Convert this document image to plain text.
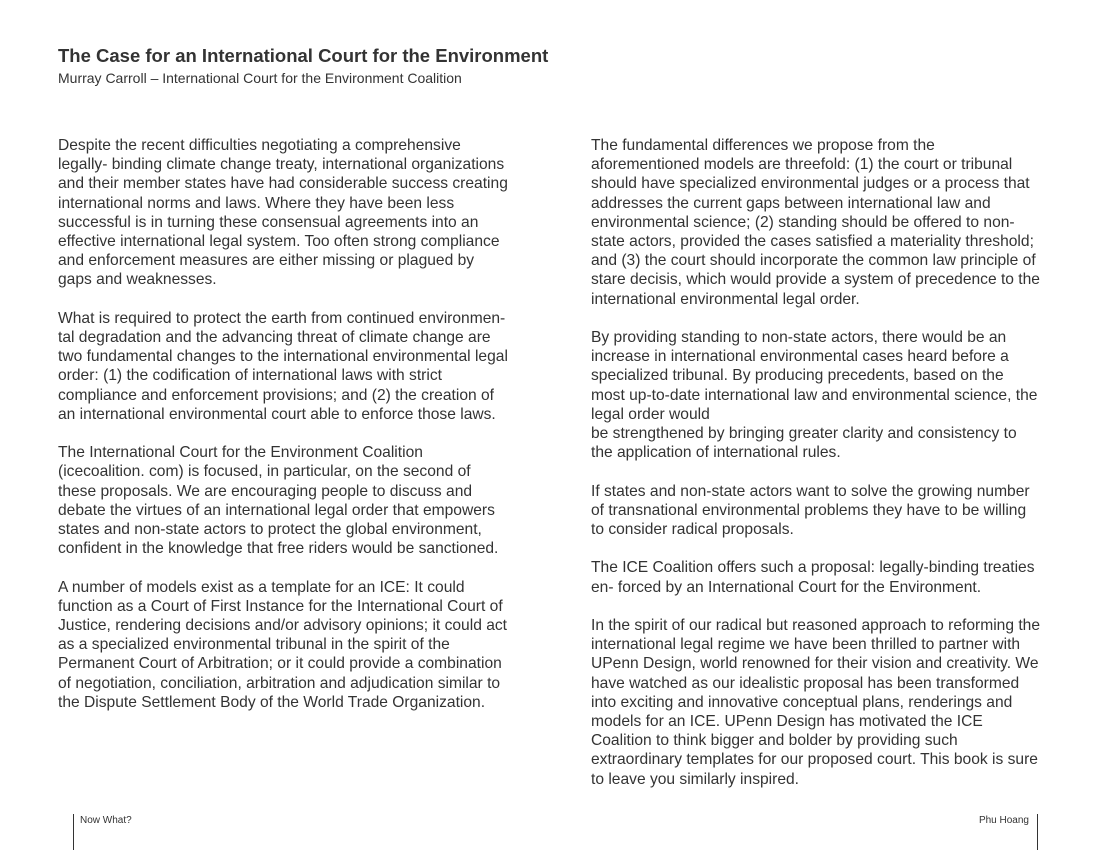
The Case for an International Court for the Environment
Murray Carroll – International Court for the Environment Coalition

Despite the recent difficulties negotiating a comprehensive
legally- binding climate change treaty, international organizations
and their member states have had considerable success creating
international norms and laws. Where they have been less
successful is in turning these consensual agreements into an
effective international legal system. Too often strong compliance
and enforcement measures are either missing or plagued by
gaps and weaknesses.

What is required to protect the earth from continued environmen-
tal degradation and the advancing threat of climate change are
two fundamental changes to the international environmental legal
order: (1) the codification of international laws with strict
compliance and enforcement provisions; and (2) the creation of
an international environmental court able to enforce those laws.

The International Court for the Environment Coalition
(icecoalition. com) is focused, in particular, on the second of
these proposals. We are encouraging people to discuss and
debate the virtues of an international legal order that empowers
states and non-state actors to protect the global environment,
confident in the knowledge that free riders would be sanctioned.

A number of models exist as a template for an ICE: It could
function as a Court of First Instance for the International Court of
Justice, rendering decisions and/or advisory opinions; it could act
as a specialized environmental tribunal in the spirit of the
Permanent Court of Arbitration; or it could provide a combination
of negotiation, conciliation, arbitration and adjudication similar to
the Dispute Settlement Body of the World Trade Organization.

The fundamental differences we propose from the
aforementioned models are threefold: (1) the court or tribunal
should have specialized environmental judges or a process that
addresses the current gaps between international law and
environmental science; (2) standing should be offered to non-
state actors, provided the cases satisfied a materiality threshold;
and (3) the court should incorporate the common law principle of
stare decisis, which would provide a system of precedence to the
international environmental legal order.

By providing standing to non-state actors, there would be an
increase in international environmental cases heard before a
specialized tribunal. By producing precedents, based on the
most up-to-date international law and environmental science, the
legal order would
be strengthened by bringing greater clarity and consistency to
the application of international rules.

If states and non-state actors want to solve the growing number
of transnational environmental problems they have to be willing
to consider radical proposals.

The ICE Coalition offers such a proposal: legally-binding treaties
en- forced by an International Court for the Environment.

In the spirit of our radical but reasoned approach to reforming the
international legal regime we have been thrilled to partner with
UPenn Design, world renowned for their vision and creativity. We
have watched as our idealistic proposal has been transformed
into exciting and innovative conceptual plans, renderings and
models for an ICE. UPenn Design has motivated the ICE
Coalition to think bigger and bolder by providing such
extraordinary templates for our proposed court. This book is sure
to leave you similarly inspired.

Now What?	Phu Hoang
